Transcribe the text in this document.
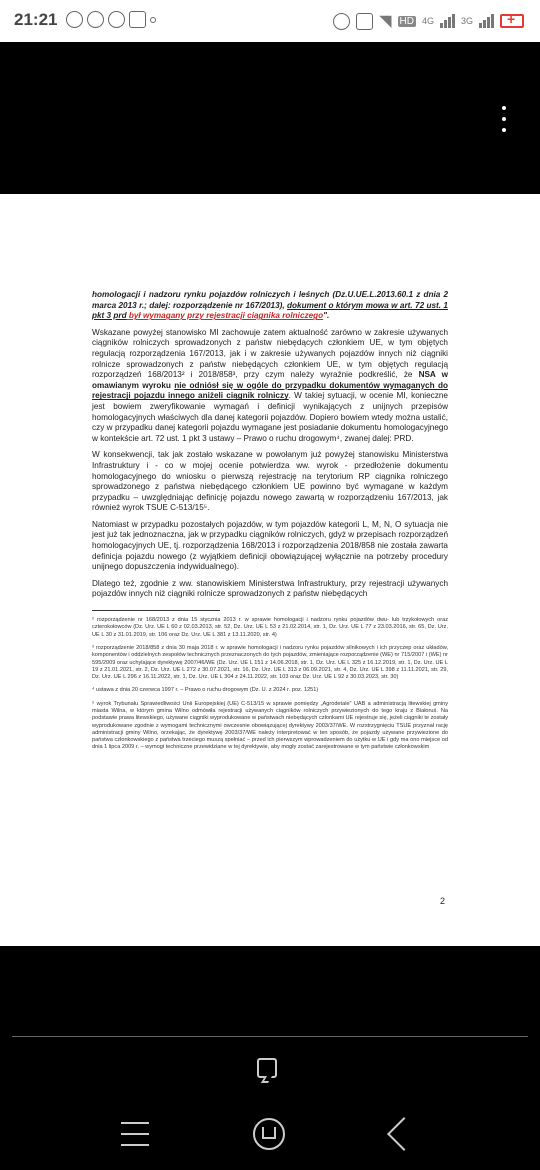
21:21	◥ HD 4G	3G
+

homologacji i nadzoru rynku pojazdów rolniczych i leśnych (Dz.U.UE.L.2013.60.1 z dnia 2 marca 2013 r.; dalej: rozporządzenie nr 167/2013), dokument o którym mowa w art. 72 ust. 1 pkt 3 prd był wymagany przy rejestracji ciągnika rolniczego".

Wskazane powyżej stanowisko MI zachowuje zatem aktualność zarówno w zakresie używanych ciągników rolniczych sprowadzonych z państw niebędących członkiem UE, w tym objętych regulacją rozporządzenia 167/2013, jak i w zakresie używanych pojazdów innych niż ciągniki rolnicze sprowadzonych z państw niebędących członkiem UE, w tym objętych regulacją rozporządzeń 168/2013² i 2018/858³, przy czym należy wyraźnie podkreślić, że NSA w omawianym wyroku nie odniósł się w ogóle do przypadku dokumentów wymaganych do rejestracji pojazdu innego aniżeli ciągnik rolniczy. W takiej sytuacji, w ocenie MI, konieczne jest bowiem zweryfikowanie wymagań i definicji wynikających z unijnych przepisów homologacyjnych właściwych dla danej kategorii pojazdów. Dopiero bowiem wtedy można ustalić, czy w przypadku danej kategorii pojazdu wymagane jest posiadanie dokumentu homologacyjnego w kontekście art. 72 ust. 1 pkt 3 ustawy – Prawo o ruchu drogowym⁴, zwanej dalej: PRD.

W konsekwencji, tak jak zostało wskazane w powołanym już powyżej stanowisku Ministerstwa Infrastruktury i - co w mojej ocenie potwierdza ww. wyrok - przedłożenie dokumentu homologacyjnego do wniosku o pierwszą rejestrację na terytorium RP ciągnika rolniczego sprowadzonego z państwa niebędącego członkiem UE powinno być wymagane w każdym przypadku – uwzględniając definicję pojazdu nowego zawartą w rozporządzeniu 167/2013, jak również wyrok TSUE C-513/15⁵.

Natomiast w przypadku pozostałych pojazdów, w tym pojazdów kategorii L, M, N, O sytuacja nie jest już tak jednoznaczna, jak w przypadku ciągników rolniczych, gdyż w przepisach rozporządzeń homologacyjnych UE, tj. rozporządzenia 168/2013 i rozporządzenia 2018/858 nie została zawarta definicja pojazdu nowego (z wyjątkiem definicji obowiązującej wyłącznie na potrzeby procedury unijnego dopuszczenia indywidualnego).

Dlatego też, zgodnie z ww. stanowiskiem Ministerstwa Infrastruktury, przy rejestracji używanych pojazdów innych niż ciągniki rolnicze sprowadzonych z państw niebędących

² rozporządzenie nr 168/2013 z dnia 15 stycznia 2013 r. w sprawie homologacji i nadzoru rynku pojazdów dwu- lub trzykołowych oraz czterokołowców (Dz. Urz. UE L 60 z 02.03.2013, str. 52, Dz. Urz. UE L 53 z 21.02.2014, str. 1, Dz. Urz. UE L 77 z 23.03.2016, str. 65, Dz. Urz. UE L 30 z 31.01.2019, str. 106 oraz Dz. Urz. UE L 381 z 13.11.2020, str. 4)

³ rozporządzenie 2018/858 z dnia 30 maja 2018 r. w sprawie homologacji i nadzoru rynku pojazdów silnikowych i ich przyczep oraz układów, komponentów i oddzielnych zespołów technicznych przeznaczonych do tych pojazdów, zmieniające rozporządzenie (WE) nr 715/2007 i (WE) nr 595/2009 oraz uchylające dyrektywę 2007/46/WE (Dz. Urz. UE L 151 z 14.06.2018, str. 1, Dz. Urz. UE L 325 z 16.12.2019, str. 1, Dz. Urz. UE L 19 z 21.01.2021, str. 2, Dz. Urz. UE L 272 z 30.07.2021, str. 16, Dz. Urz. UE L 313 z 06.09.2021, str. 4, Dz. Urz. UE L 398 z 11.11.2021, str. 29, Dz. Urz. UE L 296 z 16.11.2022, str. 1, Dz. Urz. UE L 304 z 24.11.2022, str. 103 oraz Dz. Urz. UE L 92 z 30.03.2023, str. 30)

⁴ ustawa z dnia 20 czerwca 1997 r. – Prawo o ruchu drogowym (Dz. U. z 2024 r. poz. 1251)

⁵ wyrok Trybunału Sprawiedliwości Unii Europejskiej (UE) C-513/15 w sprawie pomiędzy „Agrodetale" UAB a administracją litewskiej gminy miasta Wilna, w którym gmina Wilno odmówiła rejestracji używanych ciągników rolniczych przywiezionych do tego kraju z Białoruś. Na podstawie prawa litewskiego, używane ciągniki wyprodukowane w państwach niebędących członkami UE rejestruje się, jeżeli ciągniki te zostały wyprodukowane zgodnie z wymogami technicznymi owczesnie obowiązującej dyrektywy 2003/37/WE. W rozstrzygnięciu TSUE przyznał rację administracji gminy Wilno, orzekając, że dyrektywę 2003/37/WE należy interpretować w ten sposób, że pojazdy używane przywiezione do państwa członkowskiego z państwa trzeciego muszą spełniać – przed ich pierwszym wprowadzeniem do użytku w UE i gdy ma ono miejsce od dnia 1 lipca 2009 r. – wymogi techniczne przewidziane w tej dyrektywie, aby mogły zostać zarejestrowane w tym państwie członkowskim

2
